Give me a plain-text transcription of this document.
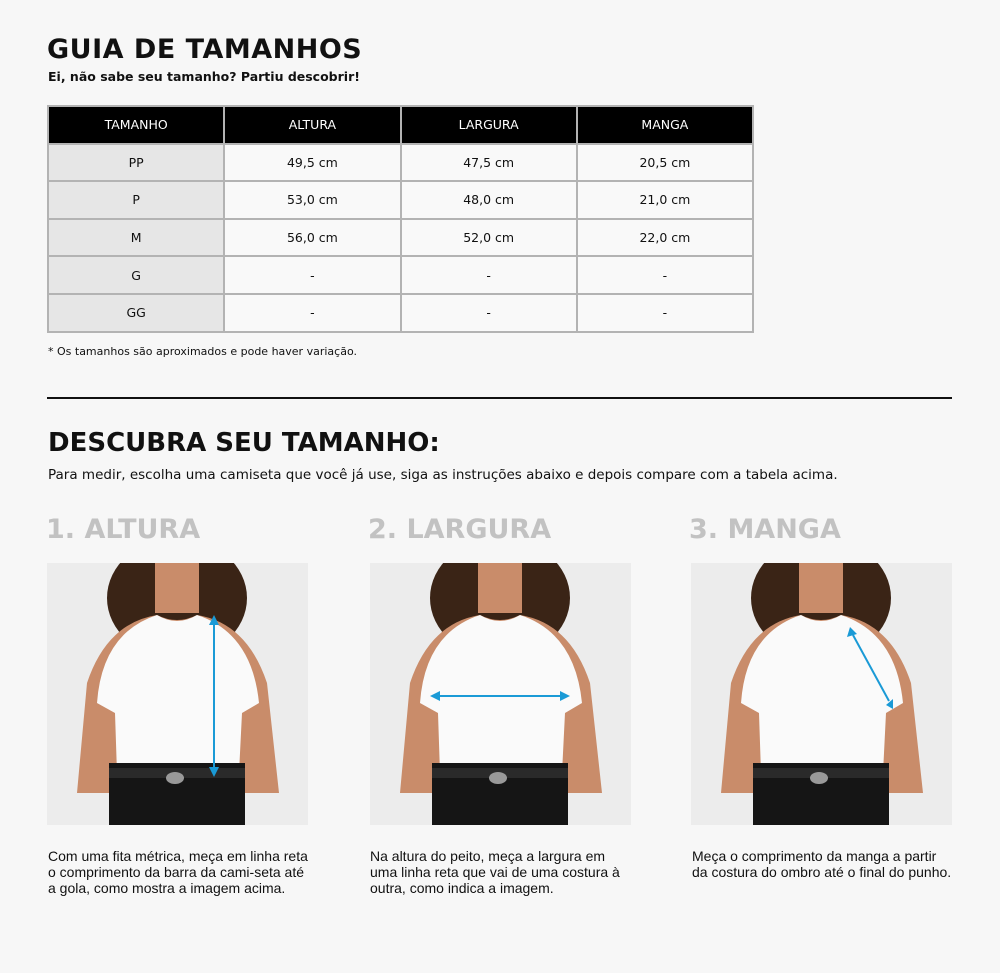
GUIA DE TAMANHOS
Ei, não sabe seu tamanho? Partiu descobrir!
TAMANHO	ALTURA	LARGURA	MANGA
PP	49,5 cm	47,5 cm	20,5 cm
P	53,0 cm	48,0 cm	21,0 cm
M	56,0 cm	52,0 cm	22,0 cm
G	-	-	-
GG	-	-	-
* Os tamanhos são aproximados e pode haver variação.
DESCUBRA SEU TAMANHO:
Para medir, escolha uma camiseta que você já use, siga as instruções abaixo e depois compare com a tabela acima.
1. ALTURA	2. LARGURA	3. MANGA
Com uma fita métrica, meça em linha reta o comprimento da barra da cami-seta até a gola, como mostra a imagem acima.
Na altura do peito, meça a largura em uma linha reta que vai de uma costura à outra, como indica a imagem.
Meça o comprimento da manga a partir da costura do ombro até o final do punho.
